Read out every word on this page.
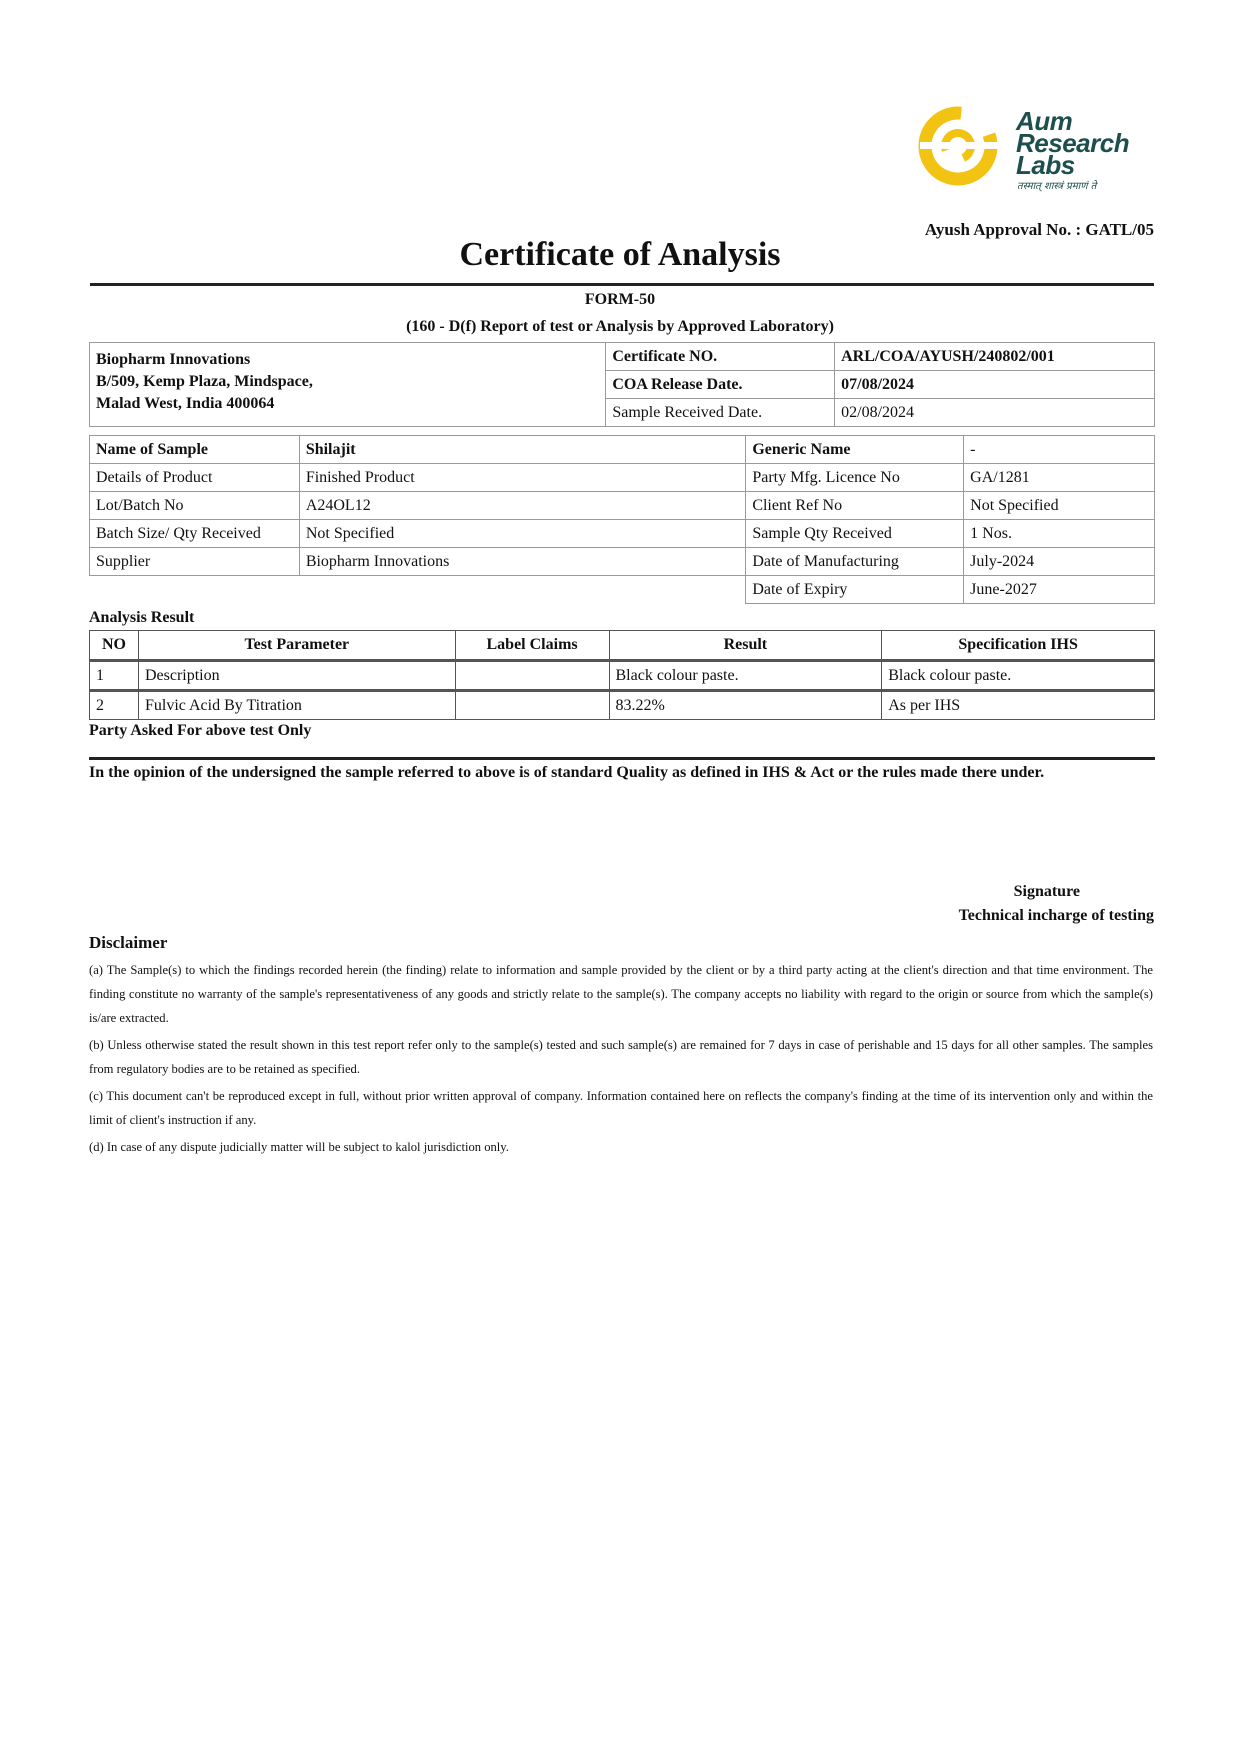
Aum
Research
Labs
तस्मात् शास्त्रं प्रमाणं ते
Ayush Approval No. : GATL/05
Certificate of Analysis
FORM-50
(160 - D(f) Report of test or Analysis by Approved Laboratory)
Biopharm Innovations
B/509, Kemp Plaza, Mindspace,
Malad West, India 400064	Certificate NO.	ARL/COA/AYUSH/240802/001
	COA Release Date.	07/08/2024
	Sample Received Date.	02/08/2024
Name of Sample	Shilajit	Generic Name	-
Details of Product	Finished Product	Party Mfg. Licence No	GA/1281
Lot/Batch No	A24OL12	Client Ref No	Not Specified
Batch Size/ Qty Received	Not Specified	Sample Qty Received	1 Nos.
Supplier	Biopharm Innovations	Date of Manufacturing	July-2024
		Date of Expiry	June-2027
Analysis Result
NO	Test Parameter	Label Claims	Result	Specification IHS
1	Description		Black colour paste.	Black colour paste.
2	Fulvic Acid By Titration		83.22%	As per IHS
Party Asked For above test Only
In the opinion of the undersigned the sample referred to above is of standard Quality as defined in IHS & Act or the rules made there under.
Signature
Technical incharge of testing
Disclaimer

(a) The Sample(s) to which the findings recorded herein (the finding) relate to information and sample provided by the client or by a third party acting at the client's direction and that time environment. The finding constitute no warranty of the sample's representativeness of any goods and strictly relate to the sample(s). The company accepts no liability with regard to the origin or source from which the sample(s) is/are extracted.

(b) Unless otherwise stated the result shown in this test report refer only to the sample(s) tested and such sample(s) are remained for 7 days in case of perishable and 15 days for all other samples. The samples from regulatory bodies are to be retained as specified.

(c) This document can't be reproduced except in full, without prior written approval of company. Information contained here on reflects the company's finding at the time of its intervention only and within the limit of client's instruction if any.

(d) In case of any dispute judicially matter will be subject to kalol jurisdiction only.
